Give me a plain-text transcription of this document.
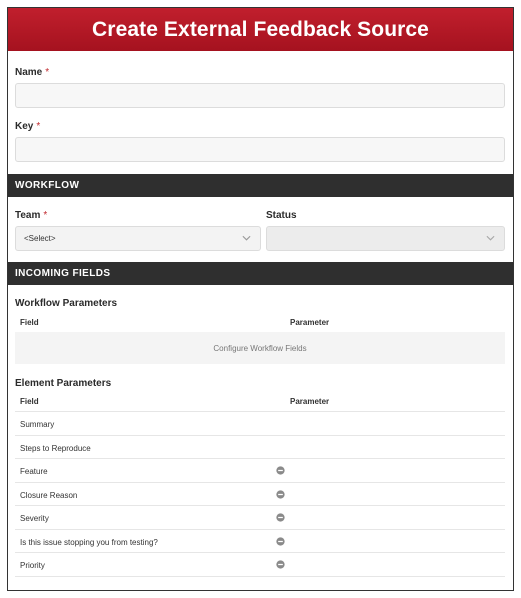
Create External Feedback Source
Name *
Key *
WORKFLOW
Team *
<Select>
Status
INCOMING FIELDS
Workflow Parameters
Field	Parameter
Configure Workflow Fields
Element Parameters
Field	Parameter
Summary
Steps to Reproduce
Feature
Closure Reason
Severity
Is this issue stopping you from testing?
Priority
